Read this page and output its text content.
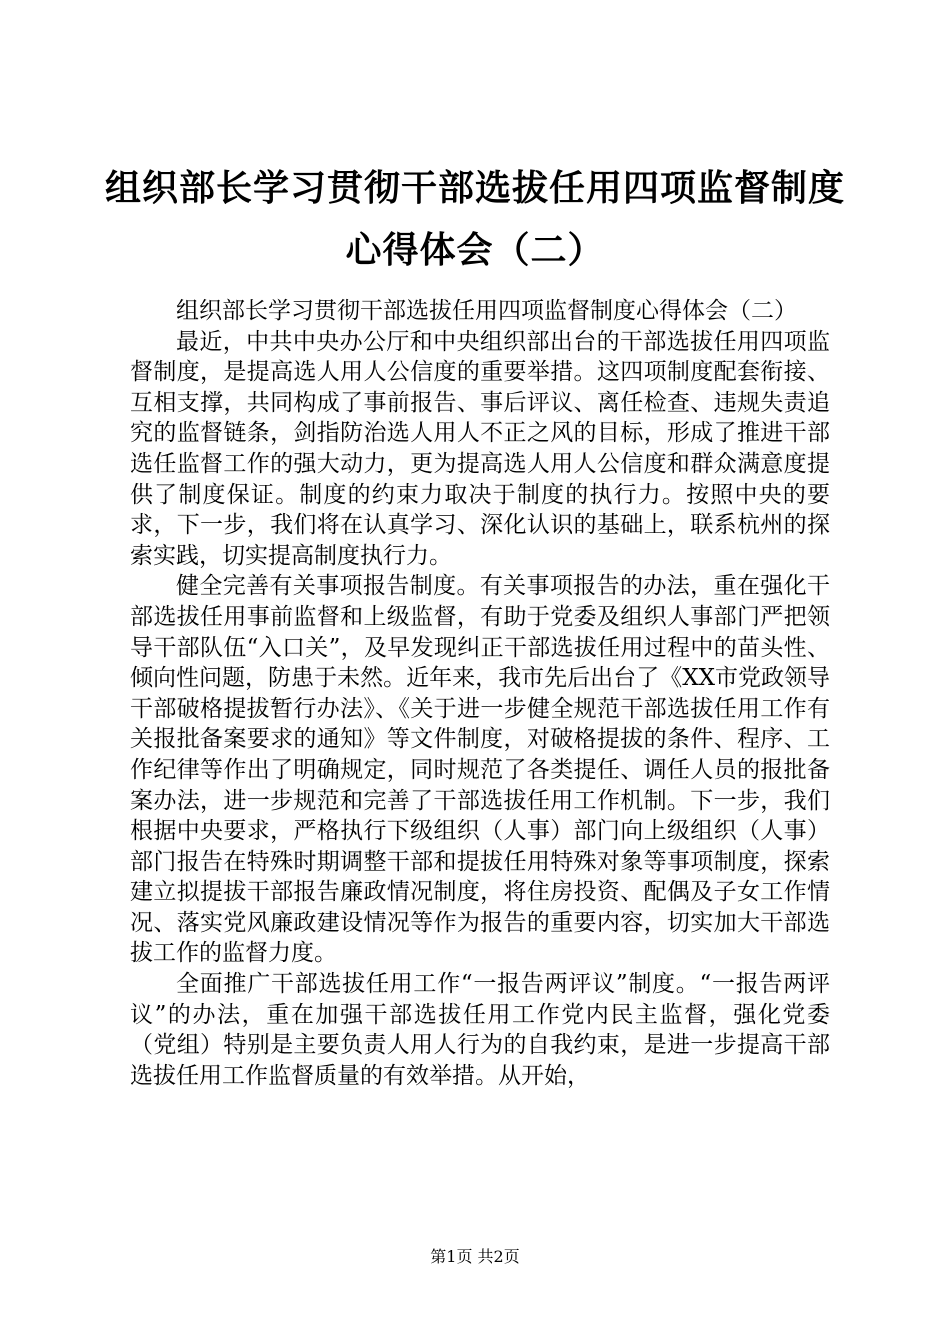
组织部长学习贯彻干部选拔任用四项监督制度
心得体会（二）

组织部长学习贯彻干部选拔任用四项监督制度心得体会（二）

最近，中共中央办公厅和中央组织部出台的干部选拔任用四项监督制度，是提高选人用人公信度的重要举措。这四项制度配套衔接、互相支撑，共同构成了事前报告、事后评议、离任检查、违规失责追究的监督链条，剑指防治选人用人不正之风的目标，形成了推进干部选任监督工作的强大动力，更为提高选人用人公信度和群众满意度提供了制度保证。制度的约束力取决于制度的执行力。按照中央的要求，下一步，我们将在认真学习、深化认识的基础上，联系杭州的探索实践，切实提高制度执行力。

健全完善有关事项报告制度。有关事项报告的办法，重在强化干部选拔任用事前监督和上级监督，有助于党委及组织人事部门严把领导干部队伍“入口关”，及早发现纠正干部选拔任用过程中的苗头性、倾向性问题，防患于未然。近年来，我市先后出台了《XX市党政领导干部破格提拔暂行办法》、《关于进一步健全规范干部选拔任用工作有关报批备案要求的通知》等文件制度，对破格提拔的条件、程序、工作纪律等作出了明确规定，同时规范了各类提任、调任人员的报批备案办法，进一步规范和完善了干部选拔任用工作机制。下一步，我们根据中央要求，严格执行下级组织（人事）部门向上级组织（人事）部门报告在特殊时期调整干部和提拔任用特殊对象等事项制度，探索建立拟提拔干部报告廉政情况制度，将住房投资、配偶及子女工作情况、落实党风廉政建设情况等作为报告的重要内容，切实加大干部选拔工作的监督力度。

全面推广干部选拔任用工作“一报告两评议”制度。“一报告两评议”的办法，重在加强干部选拔任用工作党内民主监督，强化党委（党组）特别是主要负责人用人行为的自我约束，是进一步提高干部选拔任用工作监督质量的有效举措。从开始，

第1页 共2页
